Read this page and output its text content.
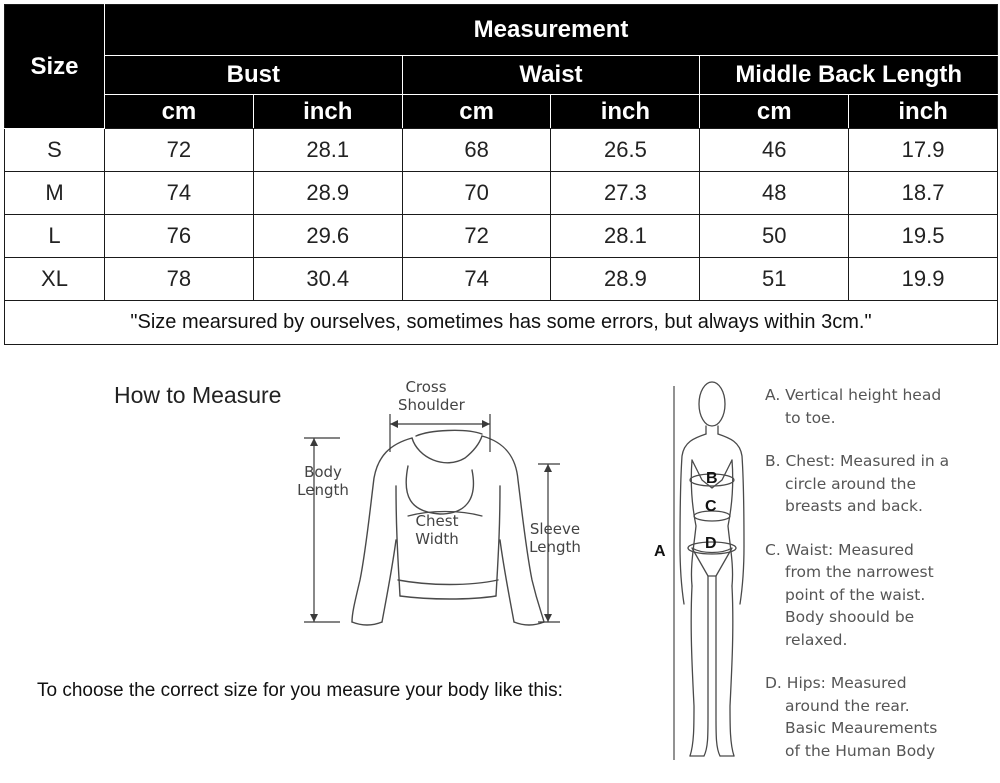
Size	Measurement					
	Bust		Waist		Middle Back Length	
	cm	inch	cm	inch	cm	inch
S	72	28.1	68	26.5	46	17.9
M	74	28.9	70	27.3	48	18.7
L	76	29.6	72	28.1	50	19.5
XL	78	30.4	74	28.9	51	19.9
"Size mearsured by ourselves, sometimes has some errors, but always within 3cm."						
How to Measure	Cross
Shoulder
Body
Length
Chest
Width
Sleeve
Length
To choose the correct size for you measure your body like this:
A
B
C
D

A. Vertical height head

to toe.

B. Chest: Measured in a

circle around the

breasts and back.

C. Waist: Measured

from the narrowest

point of the waist.

Body shoould be

relaxed.

D. Hips: Measured

around the rear.

Basic Meaurements

of the Human Body
